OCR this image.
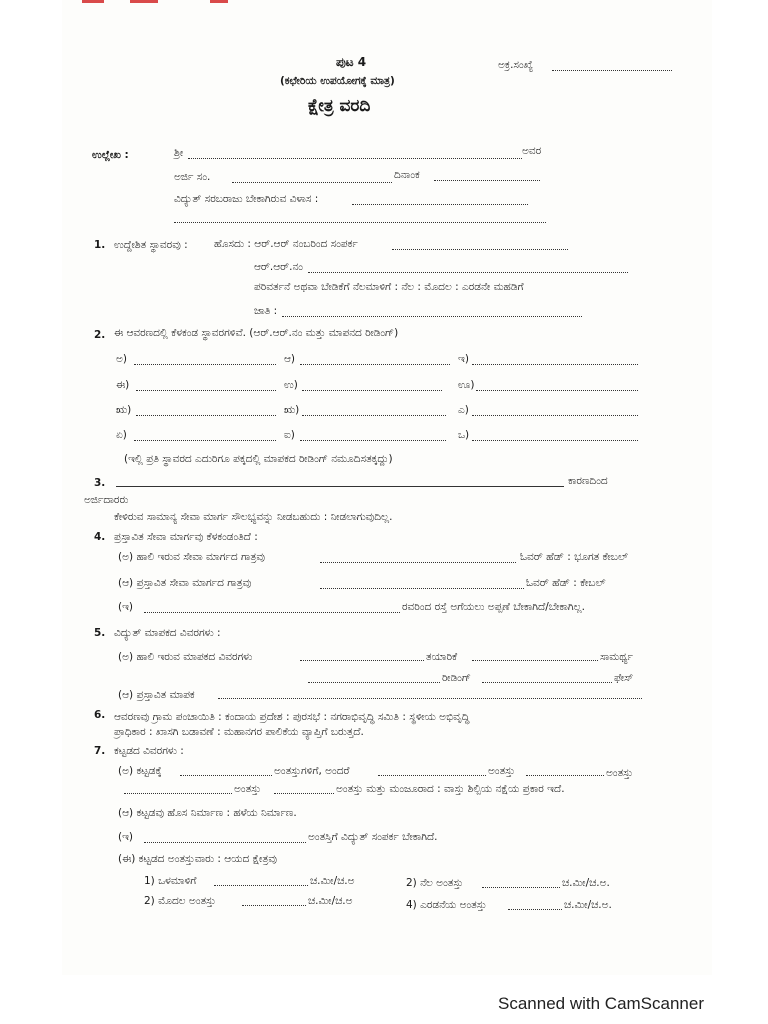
ಪುಟ 4	ಅಕ್ರ.ಸಂಖ್ಯೆ
(ಕಛೇರಿಯ ಉಪಯೋಗಕ್ಕೆ ಮಾತ್ರ)
ಕ್ಷೇತ್ರ ವರದಿ
ಉಲ್ಲೇಖ :	ಶ್ರೀ	ಅವರ
ಅರ್ಜಿ ಸಂ.	ದಿನಾಂಕ
ವಿದ್ಯುತ್ ಸರಬರಾಜು ಬೇಕಾಗಿರುವ ವಿಳಾಸ :
1. ಉದ್ದೇಶಿತ ಸ್ಥಾವರವು :	ಹೊಸದು : ಆರ್.ಆರ್ ನಂಬರಿಂದ ಸಂಪರ್ಕ
ಆರ್.ಆರ್.ನಂ
ಪರಿವರ್ತನೆ ಅಥವಾ ಬೇಡಿಕೆಗೆ ನೆಲಮಾಳಿಗೆ : ನೆಲ : ಮೊದಲ : ಎರಡನೇ ಮಹಡಿಗೆ
ಜಾತಿ :
2. ಈ ಆವರಣದಲ್ಲಿ ಕೆಳಕಂಡ ಸ್ಥಾವರಗಳಿವೆ. (ಆರ್.ಆರ್.ನಂ ಮತ್ತು ಮಾಪನದ ರೀಡಿಂಗ್)
ಅ)	ಆ)	ಇ)
ಈ)	ಉ)	ಊ)
ಋ)	ಋ)	ಎ)
ಏ)	ಐ)	ಒ)
(ಇಲ್ಲಿ ಪ್ರತಿ ಸ್ಥಾವರದ ಎದುರಿಗೂ ಪಕ್ಕದಲ್ಲಿ ಮಾಪಕದ ರೀಡಿಂಗ್ ನಮೂದಿಸತಕ್ಕದ್ದು)
3.	ಕಾರಣದಿಂದ
ಅರ್ಜಿದಾರರು
ಕೇಳಿರುವ ಸಾಮಾನ್ಯ ಸೇವಾ ಮಾರ್ಗ ಸೌಲಭ್ಯವನ್ನು ನೀಡಬಹುದು : ನೀಡಲಾಗುವುದಿಲ್ಲ.
4. ಪ್ರಸ್ತಾವಿತ ಸೇವಾ ಮಾರ್ಗವು ಕೆಳಕಂಡಂತಿದೆ :
(ಅ) ಹಾಲಿ ಇರುವ ಸೇವಾ ಮಾರ್ಗದ ಗಾತ್ರವು	ಓವರ್ ಹೆಡ್ : ಭೂಗತ ಕೇಬಲ್
(ಆ) ಪ್ರಸ್ತಾವಿತ ಸೇವಾ ಮಾರ್ಗದ ಗಾತ್ರವು	ಓವರ್ ಹೆಡ್ : ಕೇಬಲ್
(ಇ)	ರವರಿಂದ ರಸ್ತೆ ಅಗೆಯಲು ಅಪ್ಪಣೆ ಬೇಕಾಗಿದೆ/ಬೇಕಾಗಿಲ್ಲ.
5. ವಿದ್ಯುತ್ ಮಾಪಕದ ವಿವರಗಳು :
(ಅ) ಹಾಲಿ ಇರುವ ಮಾಪಕದ ವಿವರಗಳು	ತಯಾರಿಕೆ	ಸಾಮರ್ಥ್ಯ
ರೀಡಿಂಗ್	ಫೇಸ್
(ಆ) ಪ್ರಸ್ತಾವಿತ ಮಾಪಕ
6. ಆವರಣವು ಗ್ರಾಮ ಪಂಚಾಯಿತಿ : ಕಂದಾಯ ಪ್ರದೇಶ : ಪುರಸಭೆ : ನಗರಾಭಿವೃದ್ಧಿ ಸಮಿತಿ : ಸ್ಥಳೀಯ ಅಭಿವೃದ್ಧಿ
ಪ್ರಾಧಿಕಾರ : ಖಾಸಗಿ ಬಡಾವಣೆ : ಮಹಾನಗರ ಪಾಲಿಕೆಯ ವ್ಯಾಪ್ತಿಗೆ ಬರುತ್ತದೆ.
7. ಕಟ್ಟಡದ ವಿವರಗಳು :
(ಅ) ಕಟ್ಟಡಕ್ಕೆ	ಅಂತಸ್ತುಗಳಿಗೆ, ಅಂದರೆ	ಅಂತಸ್ತು	ಅಂತಸ್ತು
ಅಂತಸ್ತು	ಅಂತಸ್ತು ಮತ್ತು ಮಂಜೂರಾದ : ವಾಸ್ತು ಶಿಲ್ಪಿಯ ನಕ್ಷೆಯ ಪ್ರಕಾರ ಇದೆ.
(ಆ) ಕಟ್ಟಡವು ಹೊಸ ನಿರ್ಮಾಣ : ಹಳೆಯ ನಿರ್ಮಾಣ.
(ಇ)	ಅಂತಸ್ತಿಗೆ ವಿದ್ಯುತ್ ಸಂಪರ್ಕ ಬೇಕಾಗಿದೆ.
(ಈ) ಕಟ್ಟಡದ ಅಂತಸ್ತುವಾರು : ಆಯದ ಕ್ಷೇತ್ರವು
1) ಒಳಮಾಳಿಗೆ	ಚ.ಮೀ/ಚ.ಅ	2) ನೆಲ ಅಂತಸ್ತು	ಚ.ಮೀ/ಚ.ಅ.
2) ಮೊದಲ ಅಂತಸ್ತು	ಚ.ಮೀ/ಚ.ಅ	4) ಎರಡನೆಯ ಅಂತಸ್ತು	ಚ.ಮೀ/ಚ.ಅ.
Scanned with CamScanner
